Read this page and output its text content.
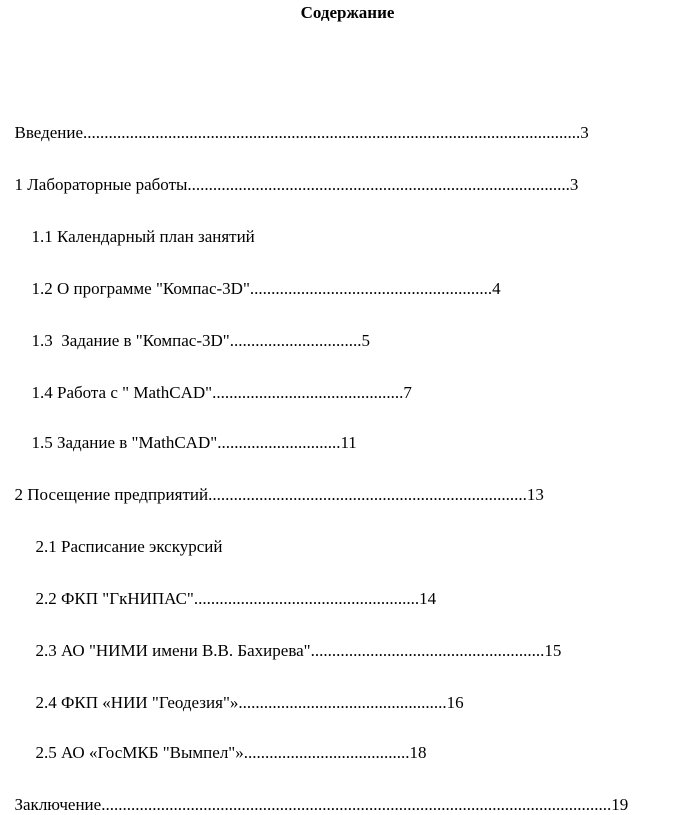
Содержание

Введение.....................................................................................................................3

1 Лабораторные работы..........................................................................................3

1.1 Календарный план занятий

1.2 О программе "Компас-3D".........................................................4

1.3  Задание в "Компас-3D"...............................5

1.4 Работа с " MathCAD".............................................7

1.5 Задание в "MathCAD".............................11

2 Посещение предприятий...........................................................................13

2.1 Расписание экскурсий

2.2 ФКП "ГкНИПАС".....................................................14

2.3 АО "НИМИ имени В.В. Бахирева".......................................................15

2.4 ФКП «НИИ "Геодезия"».................................................16

2.5 АО «ГосМКБ "Вымпел"».......................................18

Заключение........................................................................................................................19
